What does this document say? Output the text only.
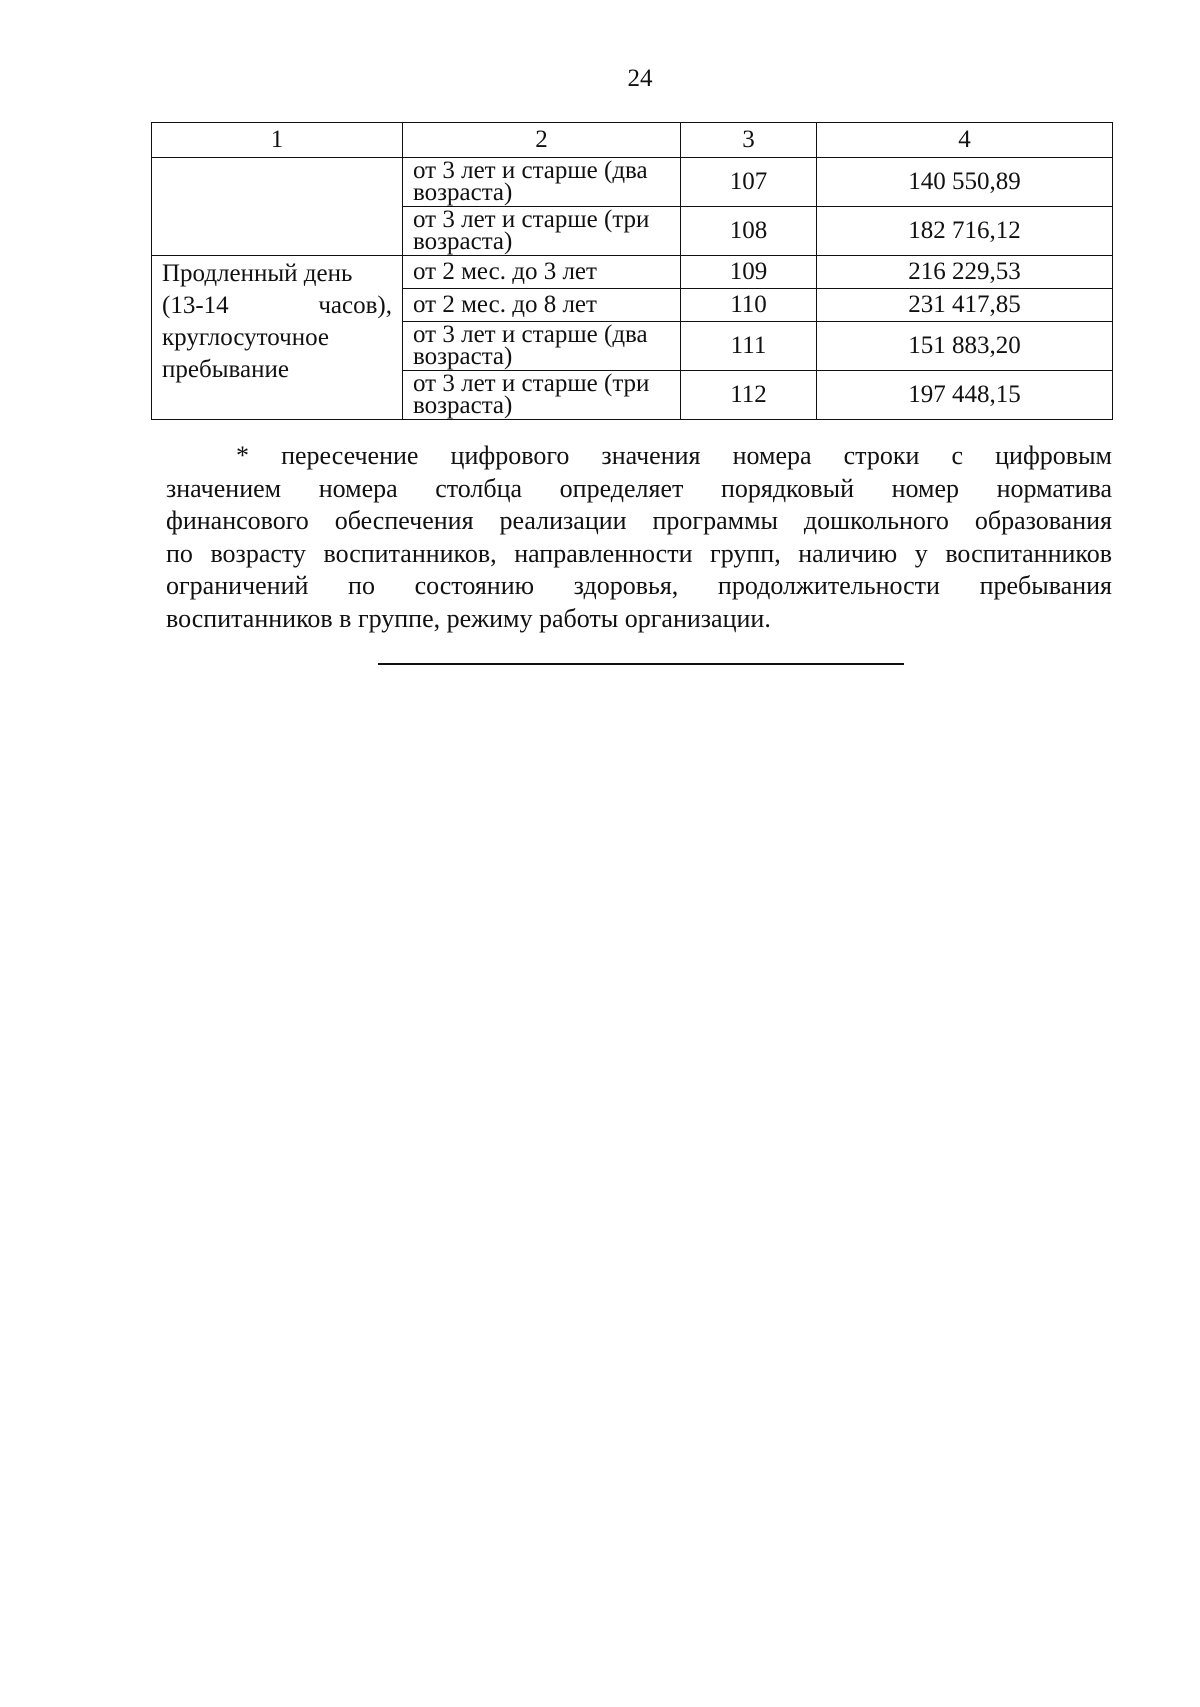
24
1	2	3	4
	от 3 лет и старше (два возраста)	107	140 550,89
	от 3 лет и старше (три возраста)	108	182 716,12

Продленный день
(13-14 часов),
круглосуточное
пребывание	от 2 мес. до 3 лет	109	216 229,53
	от 2 мес. до 8 лет	110	231 417,85
	от 3 лет и старше (два возраста)	111	151 883,20
	от 3 лет и старше (три возраста)	112	197 448,15
* пересечение цифрового значения номера строки с цифровым
значением номера столбца определяет порядковый номер норматива
финансового обеспечения реализации программы дошкольного образования
по возрасту воспитанников, направленности групп, наличию у воспитанников
ограничений по состоянию здоровья, продолжительности пребывания
воспитанников в группе, режиму работы организации.
